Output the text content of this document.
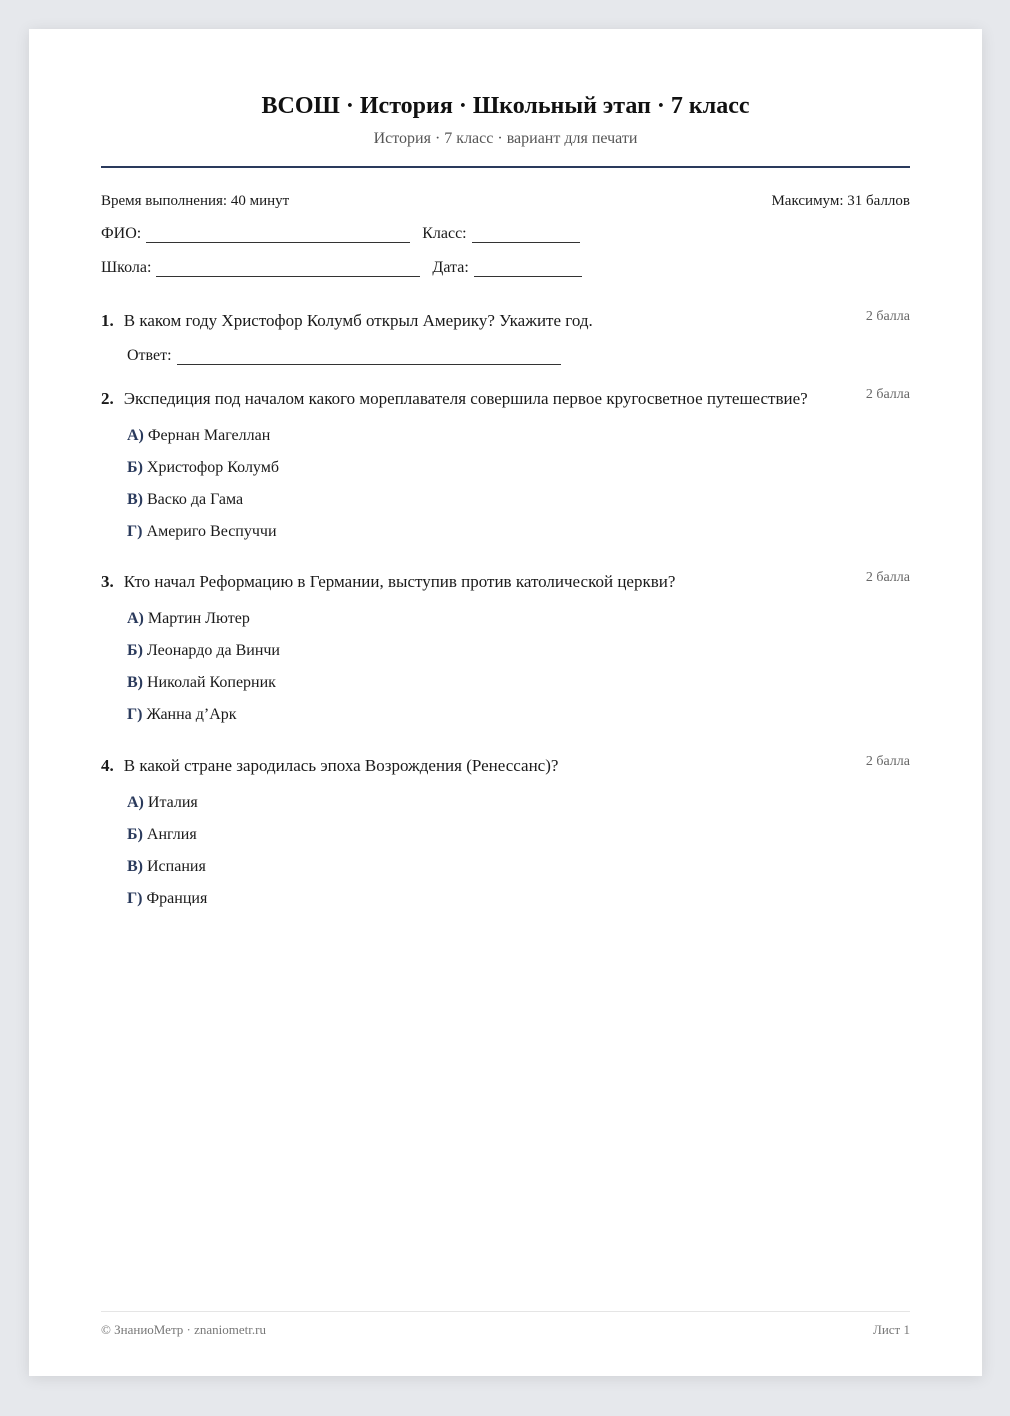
ВСОШ · История · Школьный этап · 7 класс
История · 7 класс · вариант для печати
Время выполнения: 40 минут	Максимум: 31 баллов
ФИО:	Класс:
Школа:	Дата:
1. В каком году Христофор Колумб открыл Америку? Укажите год.	2 балла
Ответ:
2. Экспедиция под началом какого мореплавателя совершила первое кругосветное путешествие?	2 балла
А) Фернан Магеллан
Б) Христофор Колумб
В) Васко да Гама
Г) Америго Веспуччи
3. Кто начал Реформацию в Германии, выступив против католической церкви?	2 балла
А) Мартин Лютер
Б) Леонардо да Винчи
В) Николай Коперник
Г) Жанна д’Арк
4. В какой стране зародилась эпоха Возрождения (Ренессанс)?	2 балла
А) Италия
Б) Англия
В) Испания
Г) Франция
© ЗнаниоМетр · znaniometr.ru	Лист 1
